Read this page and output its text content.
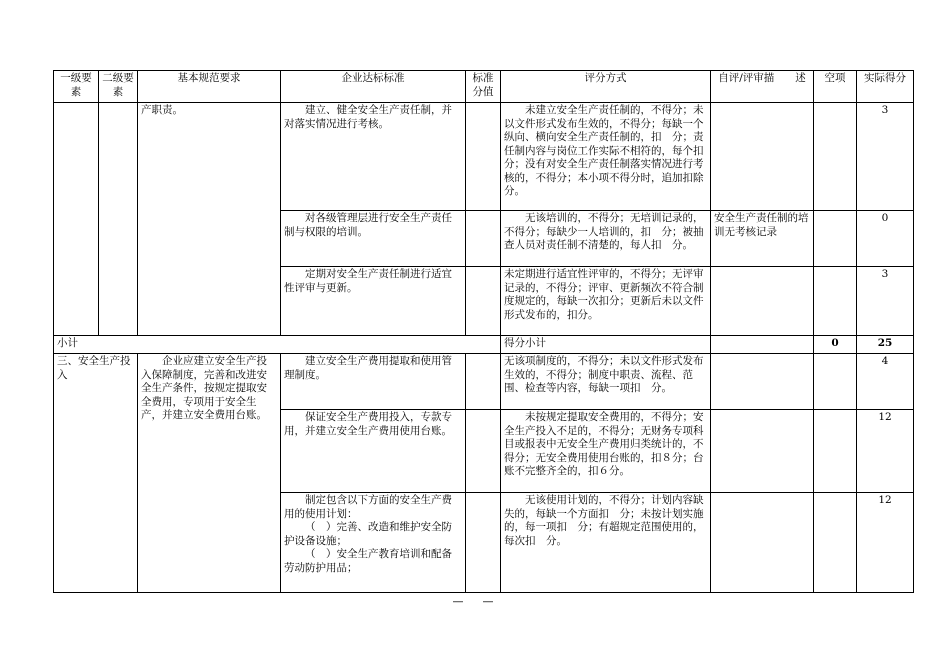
一级要素	二级要素	基本规范要求	企业达标标准	标准分值	评分方式	自评/评审描　　述	空项	实际得分
		产职责。	建立、健全安全生产责任制，并对落实情况进行考核。		未建立安全生产责任制的，不得分；未以文件形式发布生效的，不得分；每缺一个纵向、横向安全生产责任制的，扣　分；责任制内容与岗位工作实际不相符的，每个扣　分；没有对安全生产责任制落实情况进行考核的，不得分；本小项不得分时，追加扣除　分。			3
			对各级管理层进行安全生产责任制与权限的培训。		无该培训的，不得分；无培训记录的，不得分；每缺少一人培训的，扣　分；被抽查人员对责任制不清楚的，每人扣　分。	安全生产责任制的培训无考核记录		0
			定期对安全生产责任制进行适宜性评审与更新。		未定期进行适宜性评审的，不得分；无评审记录的，不得分；评审、更新频次不符合制度规定的，每缺一次扣分；更新后未以文件形式发布的，扣分。			3
小计					得分小计		0	25
三、安全生产投入		企业应建立安全生产投入保障制度，完善和改进安全生产条件，按规定提取安全费用，专项用于安全生产，并建立安全费用台账。	建立安全生产费用提取和使用管理制度。		无该项制度的，不得分；未以文件形式发布生效的，不得分；制度中职责、流程、范围、检查等内容，每缺一项扣　分。			4
			保证安全生产费用投入，专款专用，并建立安全生产费用使用台账。		未按规定提取安全费用的，不得分；安全生产投入不足的，不得分；无财务专项科目或报表中无安全生产费用归类统计的，不得分；无安全费用使用台账的，扣８分；台账不完整齐全的，扣６分。			12

			制定包含以下方面的安全生产费用的使用计划：
（　）完善、改造和维护安全防护设备设施；
（　）安全生产教育培训和配备劳动防护用品；		无该使用计划的，不得分；计划内容缺失的，每缺一个方面扣　分；未按计划实施的，每一项扣　分；有超规定范围使用的，每次扣　分。			12
—　—
